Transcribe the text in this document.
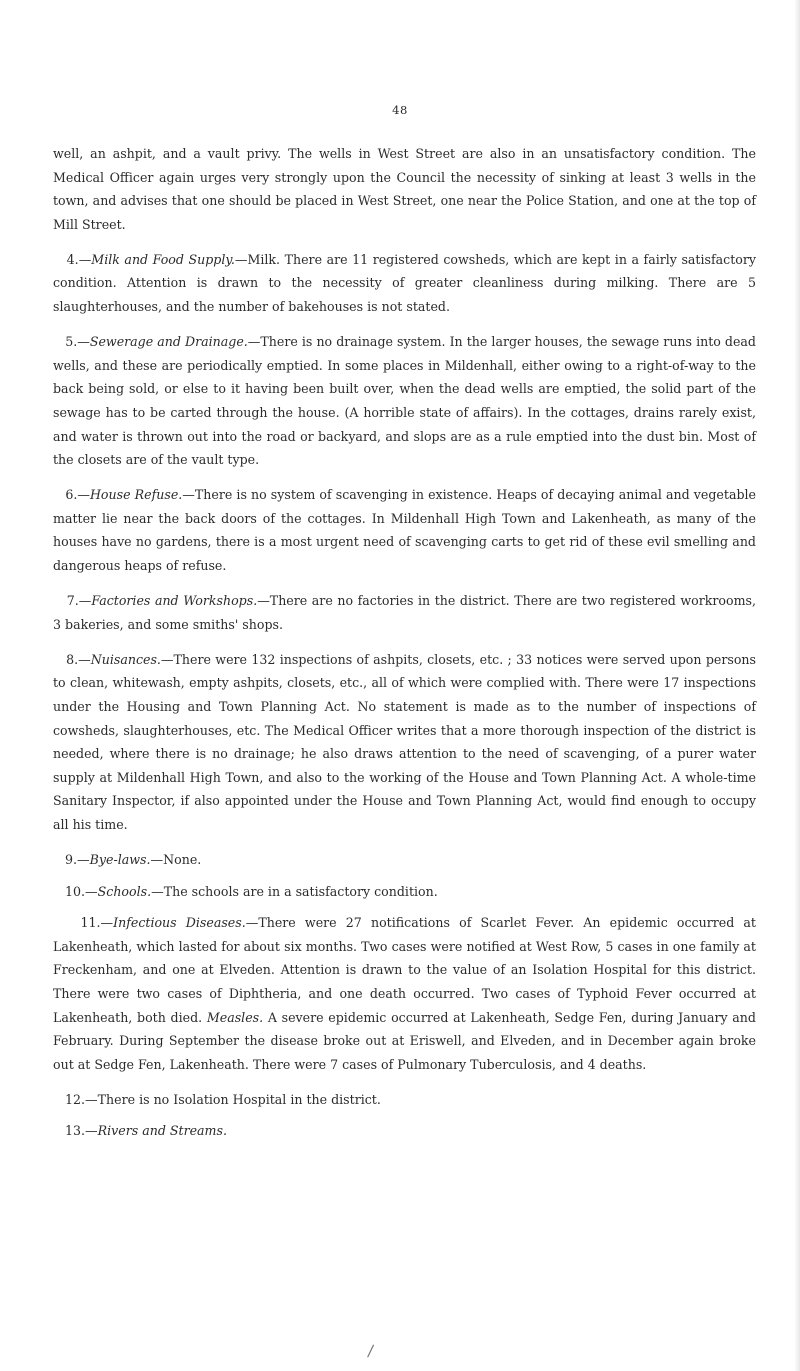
48

well, an ashpit, and a vault privy. The wells in West Street are also in an unsatisfactory condition. The Medical Officer again urges very strongly upon the Council the necessity of sinking at least 3 wells in the town, and advises that one should be placed in West Street, one near the Police Station, and one at the top of Mill Street.

4.—Milk and Food Supply.—Milk. There are 11 registered cowsheds, which are kept in a fairly satisfactory condition. Attention is drawn to the necessity of greater cleanliness during milking. There are 5 slaughterhouses, and the number of bakehouses is not stated.

5.—Sewerage and Drainage.—There is no drainage system. In the larger houses, the sewage runs into dead wells, and these are periodically emptied. In some places in Mildenhall, either owing to a right-of-way to the back being sold, or else to it having been built over, when the dead wells are emptied, the solid part of the sewage has to be carted through the house. (A horrible state of affairs). In the cottages, drains rarely exist, and water is thrown out into the road or backyard, and slops are as a rule emptied into the dust bin. Most of the closets are of the vault type.

6.—House Refuse.—There is no system of scavenging in existence. Heaps of decaying animal and vegetable matter lie near the back doors of the cottages. In Mildenhall High Town and Lakenheath, as many of the houses have no gardens, there is a most urgent need of scavenging carts to get rid of these evil smelling and dangerous heaps of refuse.

7.—Factories and Workshops.—There are no factories in the district. There are two registered workrooms, 3 bakeries, and some smiths' shops.

8.—Nuisances.—There were 132 inspections of ashpits, closets, etc. ; 33 notices were served upon persons to clean, whitewash, empty ashpits, closets, etc., all of which were complied with. There were 17 inspections under the Housing and Town Planning Act. No statement is made as to the number of inspections of cowsheds, slaughterhouses, etc. The Medical Officer writes that a more thorough inspection of the district is needed, where there is no drainage; he also draws attention to the need of scavenging, of a purer water supply at Mildenhall High Town, and also to the working of the House and Town Planning Act. A whole-time Sanitary Inspector, if also appointed under the House and Town Planning Act, would find enough to occupy all his time.

9.—Bye-laws.—None.

10.—Schools.—The schools are in a satisfactory condition.

11.—Infectious Diseases.—There were 27 notifications of Scarlet Fever. An epidemic occurred at Lakenheath, which lasted for about six months. Two cases were notified at West Row, 5 cases in one family at Freckenham, and one at Elveden. Attention is drawn to the value of an Isolation Hospital for this district. There were two cases of Diphtheria, and one death occurred. Two cases of Typhoid Fever occurred at Lakenheath, both died. Measles. A severe epidemic occurred at Lakenheath, Sedge Fen, during January and February. During September the disease broke out at Eriswell, and Elveden, and in December again broke out at Sedge Fen, Lakenheath. There were 7 cases of Pulmonary Tuberculosis, and 4 deaths.

12.—There is no Isolation Hospital in the district.

13.—Rivers and Streams.

/
